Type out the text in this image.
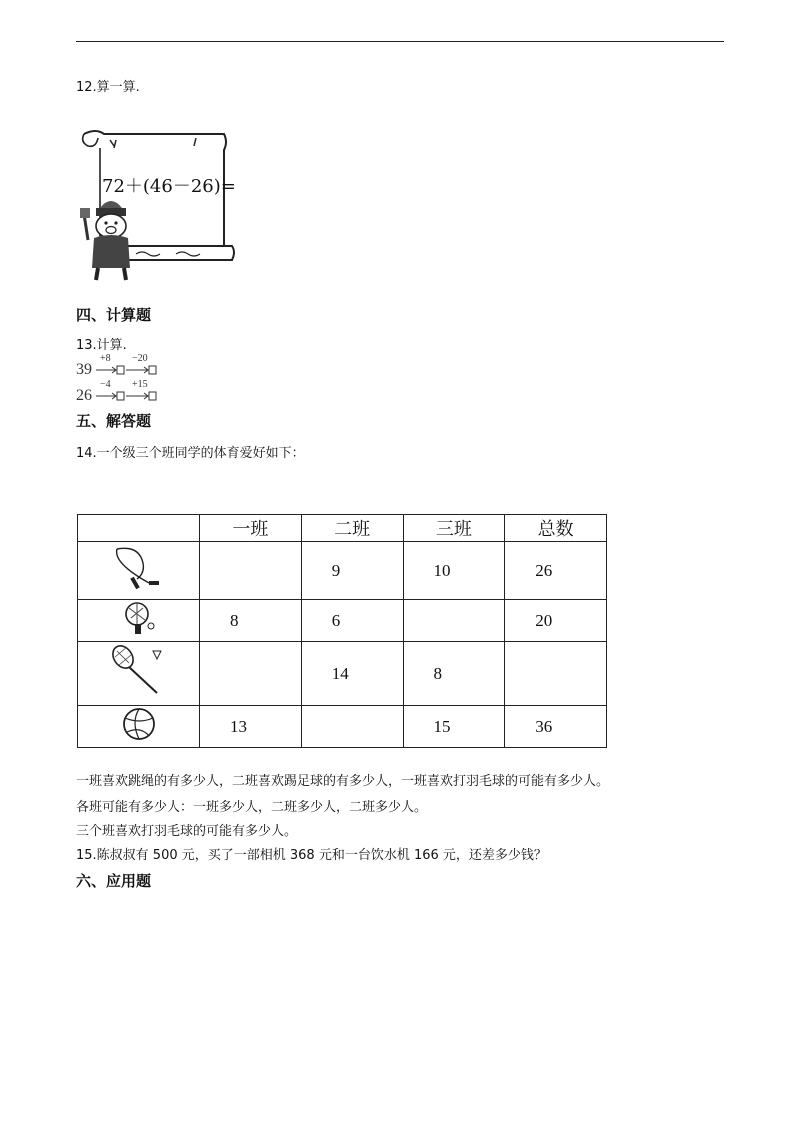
12.算一算.
72＋(46－26)=
四、计算题
13.计算.
39
+8 −20
26
−4 +15
五、解答题
14.一个级三个班同学的体育爱好如下：
	一班	二班	三班	总数
		9	10	26
	8	6		20
		14	8	
	13		15	36
一班喜欢跳绳的有多少人，二班喜欢踢足球的有多少人，一班喜欢打羽毛球的可能有多少人。
各班可能有多少人：一班多少人，二班多少人，二班多少人。
三个班喜欢打羽毛球的可能有多少人。
15.陈叔叔有 500 元，买了一部相机 368 元和一台饮水机 166 元，还差多少钱？
六、应用题
